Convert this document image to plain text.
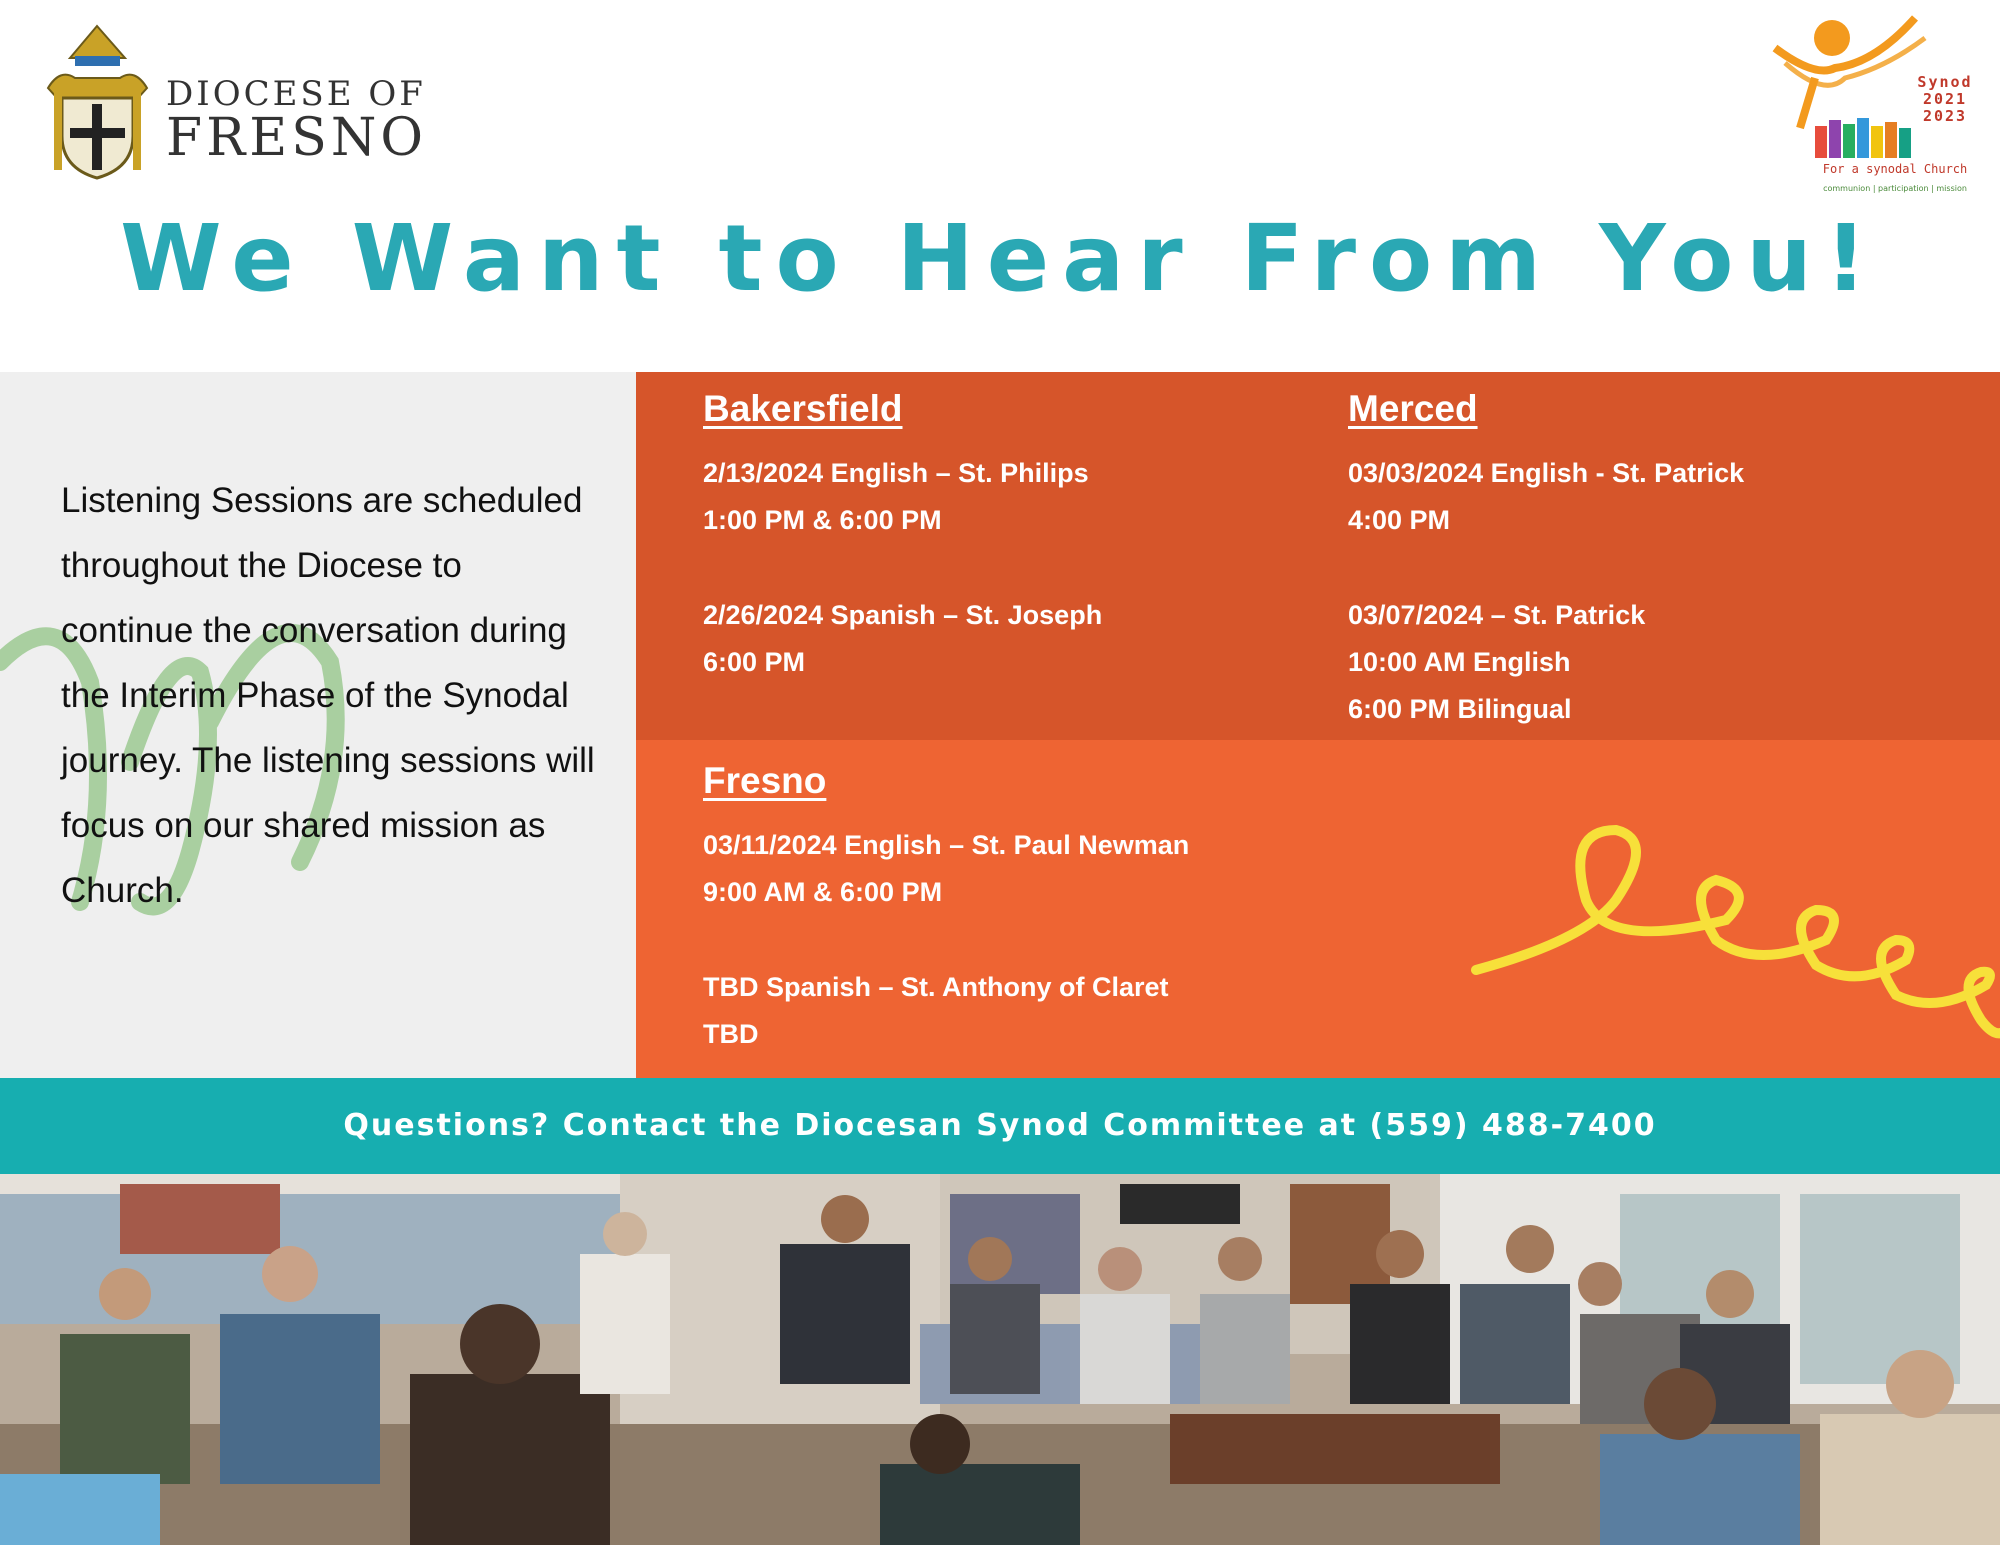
DIOCESE OF
FRESNO
Synod
2021
2023
For a synodal Church
communion | participation | mission
We Want to Hear From You!
Listening Sessions are scheduled throughout the Diocese to continue the conversation during the Interim Phase of the Synodal journey. The listening sessions will focus on our shared mission as Church.
Bakersfield
2/13/2024 English – St. Philips
1:00 PM & 6:00 PM
2/26/2024 Spanish – St. Joseph
6:00 PM
Merced
03/03/2024 English - St. Patrick
4:00 PM
03/07/2024 – St. Patrick
10:00 AM English
6:00 PM Bilingual
Fresno
03/11/2024 English – St. Paul Newman
9:00 AM & 6:00 PM
TBD Spanish – St. Anthony of Claret
TBD
Questions? Contact the Diocesan Synod Committee at (559) 488-7400
